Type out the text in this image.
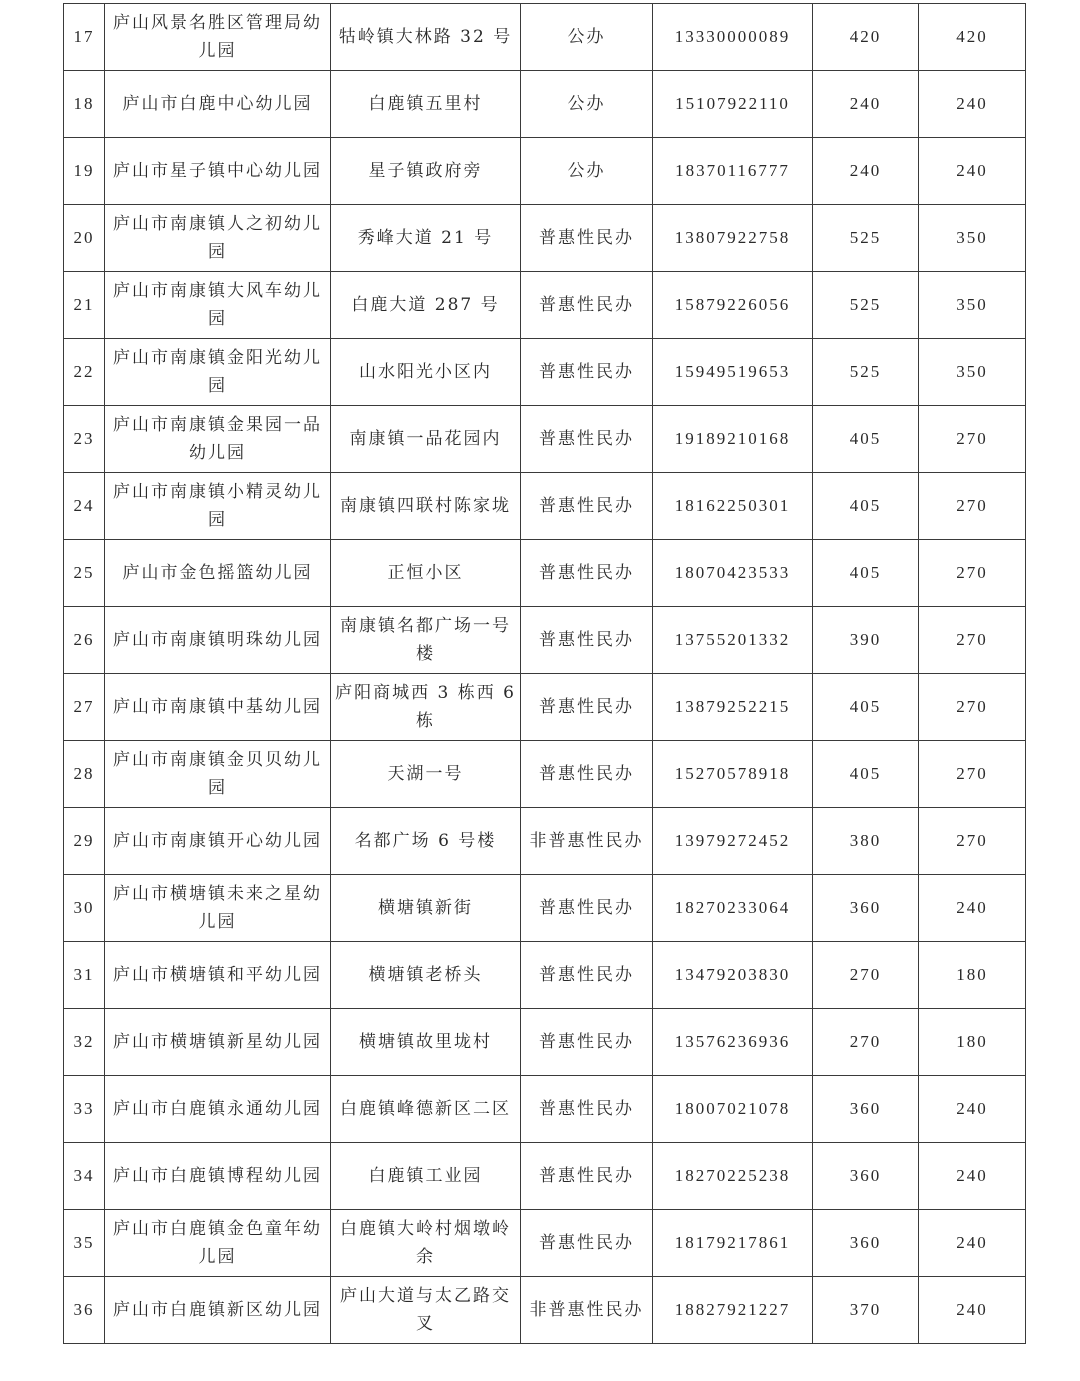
17	庐山风景名胜区管理局幼儿园	牯岭镇大林路 32 号	公办	13330000089	420	420
18	庐山市白鹿中心幼儿园	白鹿镇五里村	公办	15107922110	240	240
19	庐山市星子镇中心幼儿园	星子镇政府旁	公办	18370116777	240	240
20	庐山市南康镇人之初幼儿园	秀峰大道 21 号	普惠性民办	13807922758	525	350
21	庐山市南康镇大风车幼儿园	白鹿大道 287 号	普惠性民办	15879226056	525	350
22	庐山市南康镇金阳光幼儿园	山水阳光小区内	普惠性民办	15949519653	525	350
23	庐山市南康镇金果园一品幼儿园	南康镇一品花园内	普惠性民办	19189210168	405	270
24	庐山市南康镇小精灵幼儿园	南康镇四联村陈家垅	普惠性民办	18162250301	405	270
25	庐山市金色摇篮幼儿园	正恒小区	普惠性民办	18070423533	405	270
26	庐山市南康镇明珠幼儿园	南康镇名都广场一号楼	普惠性民办	13755201332	390	270
27	庐山市南康镇中基幼儿园	庐阳商城西 3 栋西 6 栋	普惠性民办	13879252215	405	270
28	庐山市南康镇金贝贝幼儿园	天湖一号	普惠性民办	15270578918	405	270
29	庐山市南康镇开心幼儿园	名都广场 6 号楼	非普惠性民办	13979272452	380	270
30	庐山市横塘镇未来之星幼儿园	横塘镇新街	普惠性民办	18270233064	360	240
31	庐山市横塘镇和平幼儿园	横塘镇老桥头	普惠性民办	13479203830	270	180
32	庐山市横塘镇新星幼儿园	横塘镇故里垅村	普惠性民办	13576236936	270	180
33	庐山市白鹿镇永通幼儿园	白鹿镇峰德新区二区	普惠性民办	18007021078	360	240
34	庐山市白鹿镇博程幼儿园	白鹿镇工业园	普惠性民办	18270225238	360	240
35	庐山市白鹿镇金色童年幼儿园	白鹿镇大岭村烟墩岭余	普惠性民办	18179217861	360	240
36	庐山市白鹿镇新区幼儿园	庐山大道与太乙路交叉	非普惠性民办	18827921227	370	240
